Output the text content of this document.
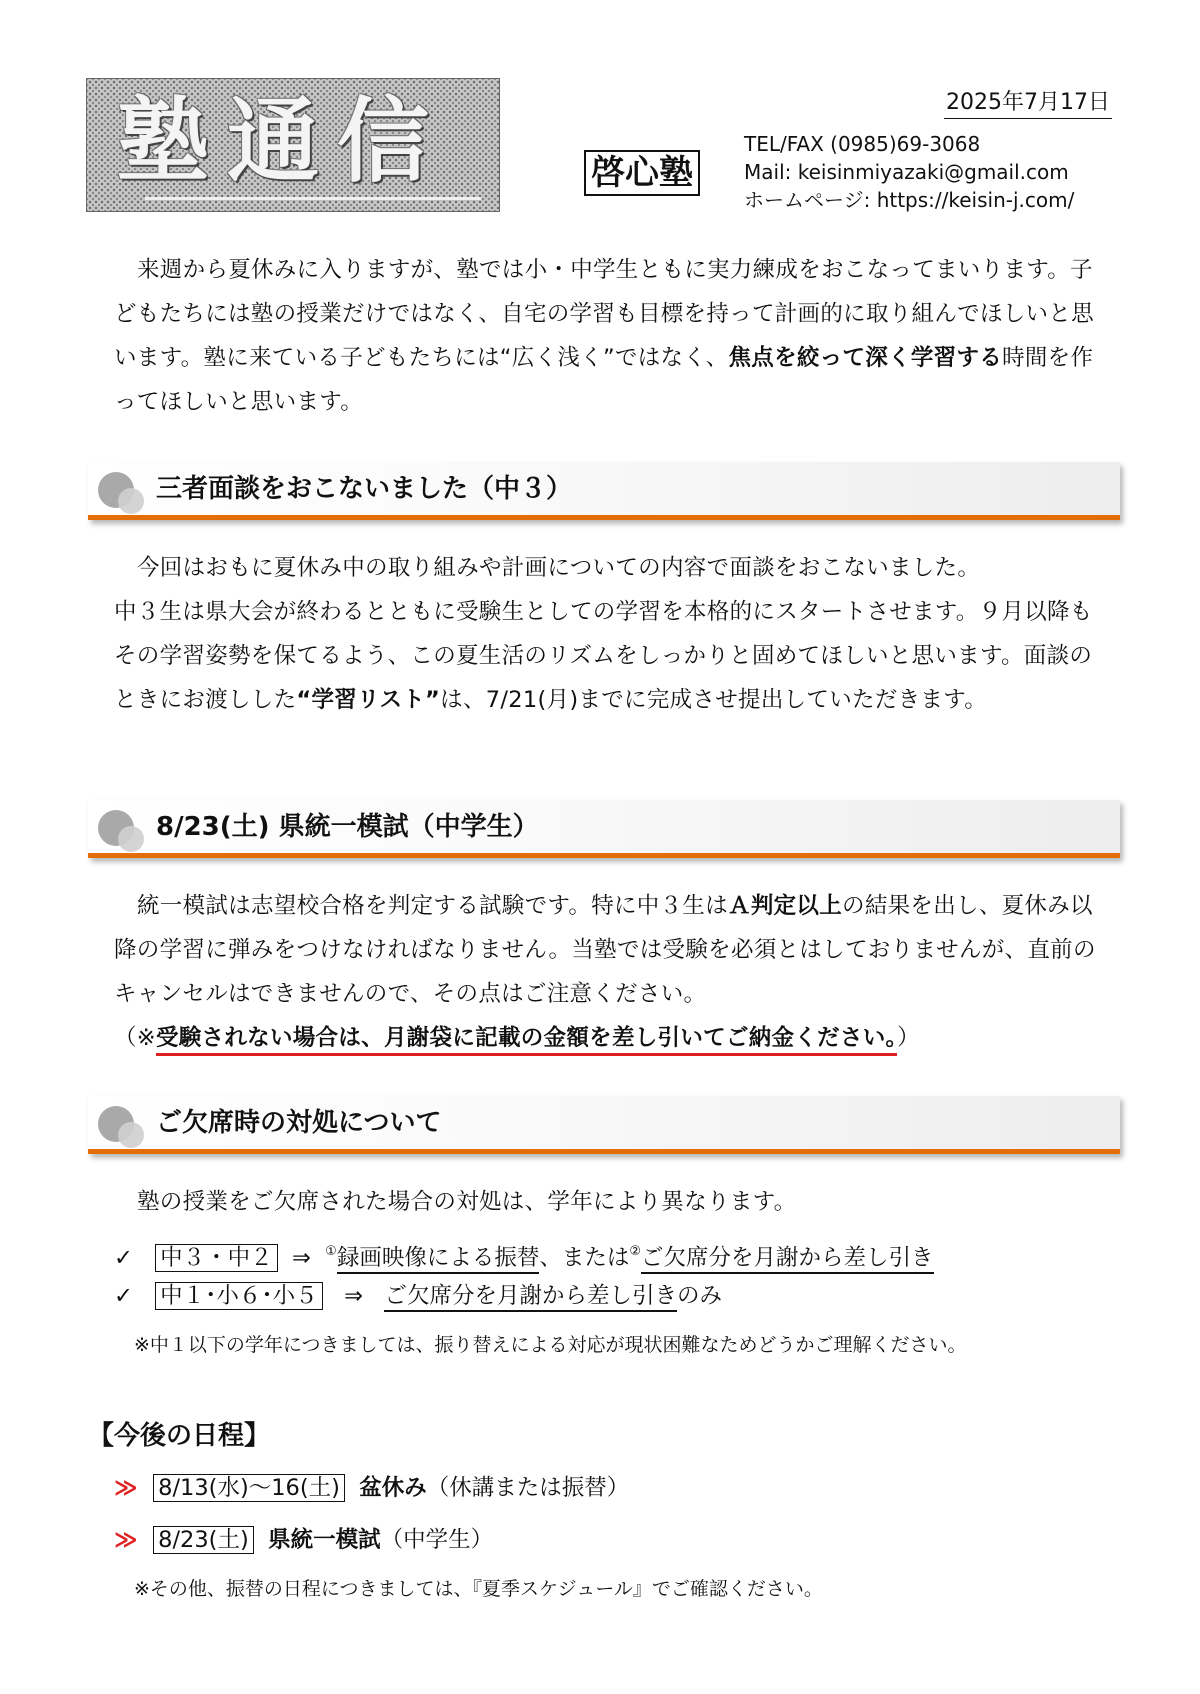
塾通信	啓心塾
2025年7月17日
TEL/FAX (0985)69-3068
Mail: keisinmiyazaki@gmail.com
ホームページ: https://keisin-j.com/

来週から夏休みに入りますが、塾では小・中学生ともに実力練成をおこなってまいります。子どもたちには塾の授業だけではなく、自宅の学習も目標を持って計画的に取り組んでほしいと思います。塾に来ている子どもたちには“広く浅く”ではなく、焦点を絞って深く学習する時間を作ってほしいと思います。

三者面談をおこないました（中３）

今回はおもに夏休み中の取り組みや計画についての内容で面談をおこないました。

中３生は県大会が終わるとともに受験生としての学習を本格的にスタートさせます。９月以降もその学習姿勢を保てるよう、この夏生活のリズムをしっかりと固めてほしいと思います。面談のときにお渡しした“学習リスト”は、7/21(月)までに完成させ提出していただきます。

8/23(土) 県統一模試（中学生）

統一模試は志望校合格を判定する試験です。特に中３生はＡ判定以上の結果を出し、夏休み以降の学習に弾みをつけなければなりません。当塾では受験を必須とはしておりませんが、直前のキャンセルはできませんので、その点はご注意ください。

（※受験されない場合は、月謝袋に記載の金額を差し引いてご納金ください。）

ご欠席時の対処について

塾の授業をご欠席された場合の対処は、学年により異なります。

✓ 中３・中２ ⇒ ①録画映像による振替、または②ご欠席分を月謝から差し引き
✓ 中１･小６･小５ ⇒ ご欠席分を月謝から差し引きのみ
※中１以下の学年につきましては、振り替えによる対応が現状困難なためどうかご理解ください。
【今後の日程】
≫ 8/13(水)～16(土) 盆休み（休講または振替）
≫ 8/23(土) 県統一模試（中学生）
※その他、振替の日程につきましては、『夏季スケジュール』でご確認ください。
